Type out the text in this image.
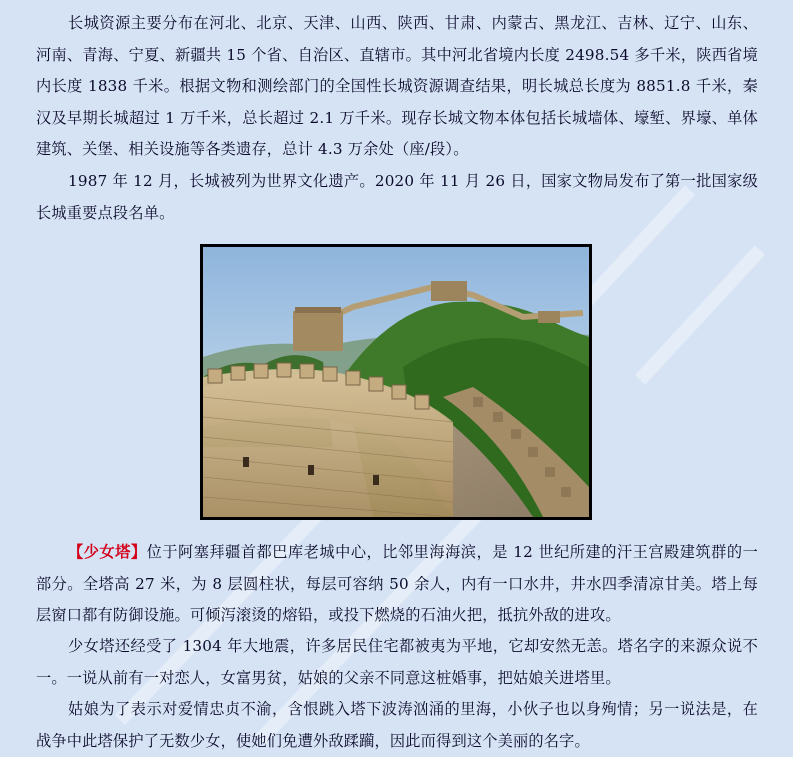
长城资源主要分布在河北、北京、天津、山西、陕西、甘肃、内蒙古、黑龙江、吉林、辽宁、山东、河南、青海、宁夏、新疆共 15 个省、自治区、直辖市。其中河北省境内长度 2498.54 多千米，陕西省境内长度 1838 千米。根据文物和测绘部门的全国性长城资源调查结果，明长城总长度为 8851.8 千米，秦汉及早期长城超过 1 万千米，总长超过 2.1 万千米。现存长城文物本体包括长城墙体、壕堑、界壕、单体建筑、关堡、相关设施等各类遗存，总计 4.3 万余处（座/段）。

1987 年 12 月，长城被列为世界文化遗产。2020 年 11 月 26 日，国家文物局发布了第一批国家级长城重要点段名单。

【少女塔】位于阿塞拜疆首都巴库老城中心，比邻里海海滨，是 12 世纪所建的汗王宫殿建筑群的一部分。全塔高 27 米，为 8 层圆柱状，每层可容纳 50 余人，内有一口水井，井水四季清凉甘美。塔上每层窗口都有防御设施。可倾泻滚烫的熔铅，或投下燃烧的石油火把，抵抗外敌的进攻。

少女塔还经受了 1304 年大地震，许多居民住宅都被夷为平地，它却安然无恙。塔名字的来源众说不一。一说从前有一对恋人，女富男贫，姑娘的父亲不同意这桩婚事，把姑娘关进塔里。

姑娘为了表示对爱情忠贞不渝，含恨跳入塔下波涛汹涌的里海，小伙子也以身殉情；另一说法是，在战争中此塔保护了无数少女，使她们免遭外敌蹂躏，因此而得到这个美丽的名字。
